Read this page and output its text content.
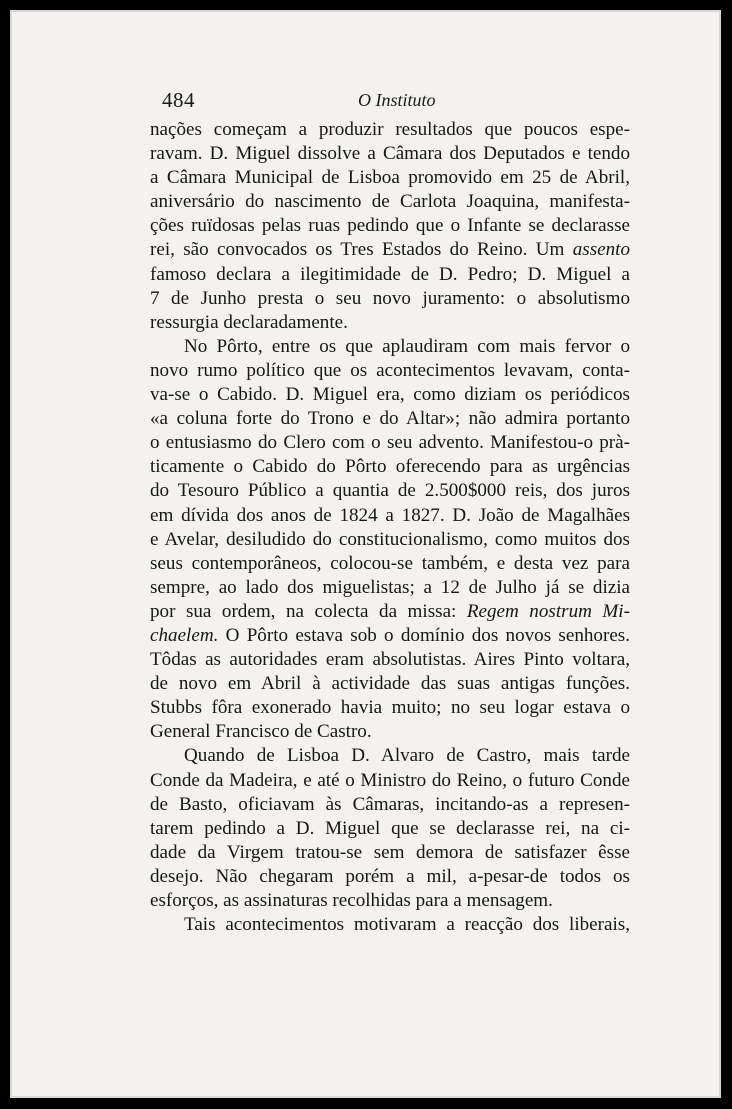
484	O Instituto
nações começam a produzir resultados que poucos espe-
ravam. D. Miguel dissolve a Câmara dos Deputados e tendo
a Câmara Municipal de Lisboa promovido em 25 de Abril,
aniversário do nascimento de Carlota Joaquina, manifesta-
ções ruïdosas pelas ruas pedindo que o Infante se declarasse
rei, são convocados os Tres Estados do Reino. Um assento
famoso declara a ilegitimidade de D. Pedro; D. Miguel a
7 de Junho presta o seu novo juramento: o absolutismo
ressurgia declaradamente.
No Pôrto, entre os que aplaudiram com mais fervor o
novo rumo político que os acontecimentos levavam, conta-
va-se o Cabido. D. Miguel era, como diziam os periódicos
«a coluna forte do Trono e do Altar»; não admira portanto
o entusiasmo do Clero com o seu advento. Manifestou-o prà-
ticamente o Cabido do Pôrto oferecendo para as urgências
do Tesouro Público a quantia de 2.500$000 reis, dos juros
em dívida dos anos de 1824 a 1827. D. João de Magalhães
e Avelar, desiludido do constitucionalismo, como muitos dos
seus contemporâneos, colocou-se também, e desta vez para
sempre, ao lado dos miguelistas; a 12 de Julho já se dizia
por sua ordem, na colecta da missa: Regem nostrum Mi-
chaelem. O Pôrto estava sob o domínio dos novos senhores.
Tôdas as autoridades eram absolutistas. Aires Pinto voltara,
de novo em Abril à actividade das suas antigas funções.
Stubbs fôra exonerado havia muito; no seu logar estava o
General Francisco de Castro.
Quando de Lisboa D. Alvaro de Castro, mais tarde
Conde da Madeira, e até o Ministro do Reino, o futuro Conde
de Basto, oficiavam às Câmaras, incitando-as a represen-
tarem pedindo a D. Miguel que se declarasse rei, na ci-
dade da Virgem tratou-se sem demora de satisfazer êsse
desejo. Não chegaram porém a mil, a-pesar-de todos os
esforços, as assinaturas recolhidas para a mensagem.
Tais acontecimentos motivaram a reacção dos liberais,
